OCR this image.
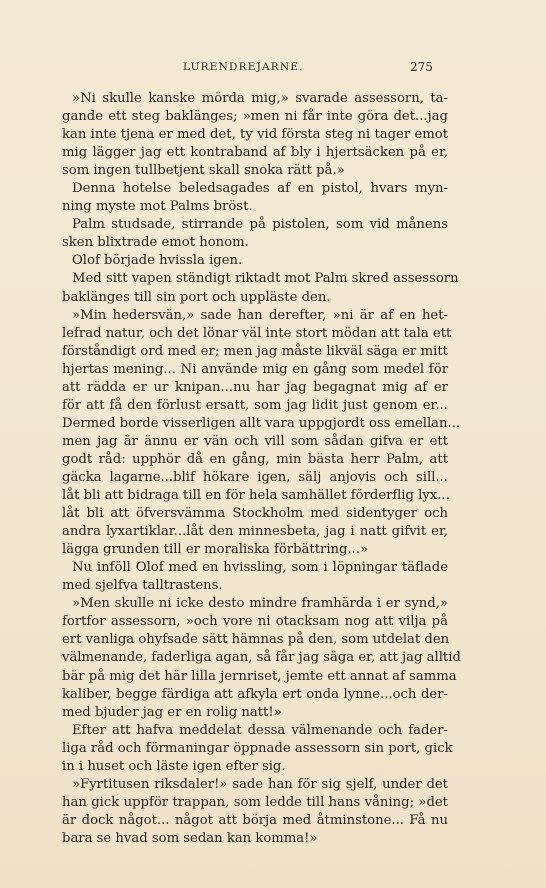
LURENDREJARNE.	275
»Ni skulle kanske mörda mig,» svarade assessorn, ta-
gande ett steg baklänges; »men ni får inte göra det...jag
kan inte tjena er med det, ty vid första steg ni tager emot
mig lägger jag ett kontraband af bly i hjertsäcken på er,
som ingen tullbetjent skall snoka rätt på.»
Denna hotelse beledsagades af en pistol, hvars myn-
ning myste mot Palms bröst.
Palm studsade, stirrande på pistolen, som vid månens
sken blixtrade emot honom.
Olof började hvissla igen.
Med sitt vapen ständigt riktadt mot Palm skred assessorn
baklänges till sin port och uppläste den.
»Min hedersvän,» sade han derefter, »ni är af en het-
lefrad natur, och det lönar väl inte stort mödan att tala ett
förståndigt ord med er; men jag måste likväl säga er mitt
hjertas mening... Ni använde mig en gång som medel för
att rädda er ur knipan...nu har jag begagnat mig af er
för att få den förlust ersatt, som jag lidit just genom er...
Dermed borde visserligen allt vara uppgjordt oss emellan...
men jag är ännu er vän och vill som sådan gifva er ett
godt råd: upphör då en gång, min bästa herr Palm, att
gäcka lagarne...blif hökare igen, sälj anjovis och sill...
låt bli att bidraga till en för hela samhället förderflig lyx...
låt bli att öfversvämma Stockholm med sidentyger och
andra lyxartiklar...låt den minnesbeta, jag i natt gifvit er,
lägga grunden till er moraliska förbättring...»
Nu inföll Olof med en hvissling, som i löpningar täflade
med sjelfva talltrastens.
»Men skulle ni icke desto mindre framhärda i er synd,»
fortfor assessorn, »och vore ni otacksam nog att vilja på
ert vanliga ohyfsade sätt hämnas på den, som utdelat den
välmenande, faderliga agan, så får jag säga er, att jag alltid
bär på mig det här lilla jernriset, jemte ett annat af samma
kaliber, begge färdiga att afkyla ert onda lynne...och der-
med bjuder jag er en rolig natt!»
Efter att hafva meddelat dessa välmenande och fader-
liga råd och förmaningar öppnade assessorn sin port, gick
in i huset och läste igen efter sig.
»Fyrtitusen riksdaler!» sade han för sig sjelf, under det
han gick uppför trappan, som ledde till hans våning; »det
är dock något... något att börja med åtminstone... Få nu
bara se hvad som sedan kan komma!»
